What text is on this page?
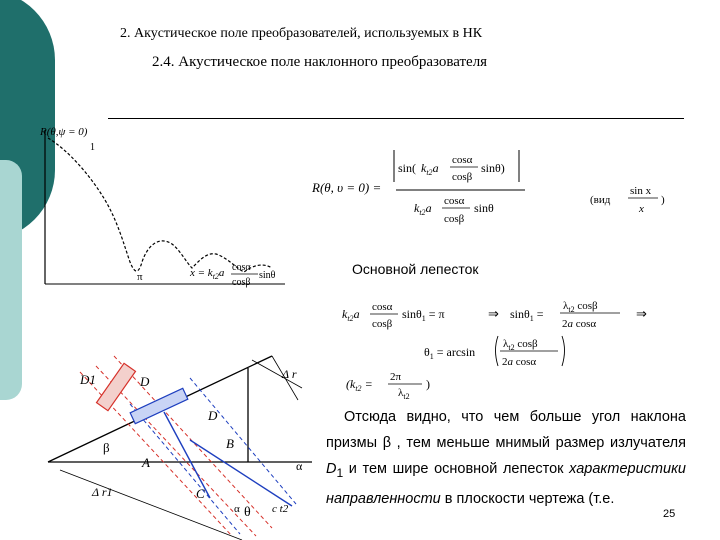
2. Акустическое поле преобразователей, используемых в НК
2.4. Акустическое поле наклонного преобразователя
R(θ,ψ = 0)
1
π	$x = k_{t2}a$ cosα
cosβ
sinθ
R(θ, υ = 0) =
sin( $k_{t2}a$
cosα
cosβ
sinθ)
$k_{t2}a$ cosα
cosβ
sinθ
(вид
sin x
x
)
$k_{t2}a$ cosα
cosβ
sinθ$_1$ = π	⇒ sinθ$_1$ =
$\lambda_{t2}$ cosβ
2a cosα
⇒
$\theta_1 = \arcsin$
$\lambda_{t2}$ cosβ
2a cosα
($k_{t2} = 2\pi$
$\lambda_{t2}$
)
D1	D
D
Δ r
β
A
B
C
α
α θ
Δ r1
c t2
Основной лепесток

Отсюда видно, что чем больше угол наклона призмы β , тем меньше мнимый размер излучателя $D_1$ и тем шире основной лепесток характеристики направленности в плоскости чертежа (т.е.

25
